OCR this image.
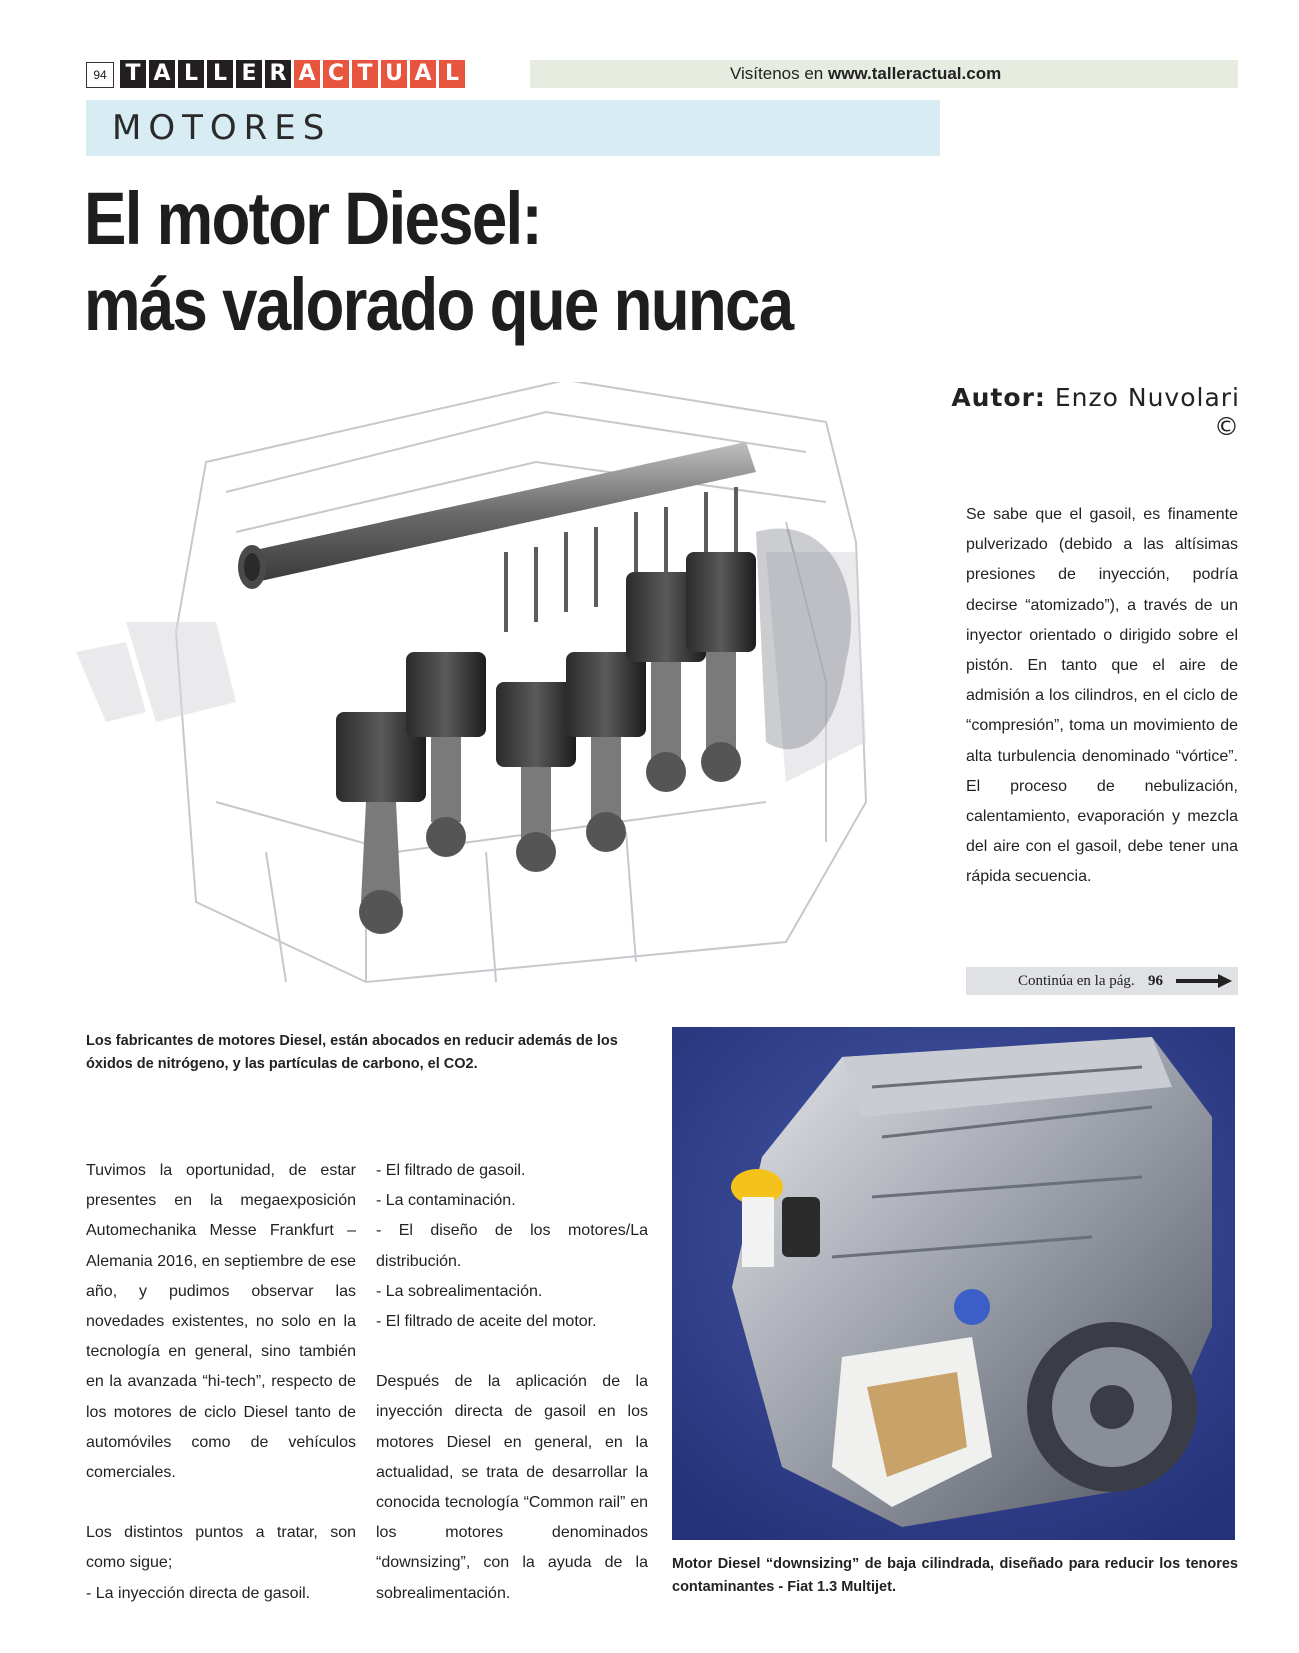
94 T A L L E R A C T U A L	Visítenos en www.talleractual.com
MOTORES
El motor Diesel:
más valorado que nunca
Autor: Enzo Nuvolari ©
Se sabe que el gasoil, es finamente pulverizado (debido a las altísimas presiones de inyección, podría decirse “atomizado”), a través de un inyector orientado o dirigido sobre el pistón. En tanto que el aire de admisión a los cilindros, en el ciclo de “compresión”, toma un movimiento de alta turbulencia denominado “vórtice”. El proceso de nebulización, calentamiento, evaporación y mezcla del aire con el gasoil, debe tener una rápida secuencia.
Continúa en la pág. 96
Los fabricantes de motores Diesel, están abocados en reducir además de los óxidos de nitrógeno, y las partículas de carbono, el CO2.

Tuvimos la oportunidad, de estar presentes en la megaexposición Automechanika Messe Frankfurt – Alemania 2016, en septiembre de ese año, y pudimos observar las novedades existentes, no solo en la tecnología en general, sino también en la avanzada “hi-tech”, respecto de los motores de ciclo Diesel tanto de automóviles como de vehículos comerciales.

Los distintos puntos a tratar, son como sigue;

- La inyección directa de gasoil.
- El filtrado de gasoil.
- La contaminación.
- El diseño de los motores/La distribución.
- La sobrealimentación.
- El filtrado de aceite del motor.

Después de la aplicación de la inyección directa de gasoil en los motores Diesel en general, en la actualidad, se trata de desarrollar la conocida tecnología “Common rail” en los motores denominados “downsizing”, con la ayuda de la sobrealimentación.

Motor Diesel “downsizing” de baja cilindrada, diseñado para reducir los tenores contaminantes - Fiat 1.3 Multijet.
